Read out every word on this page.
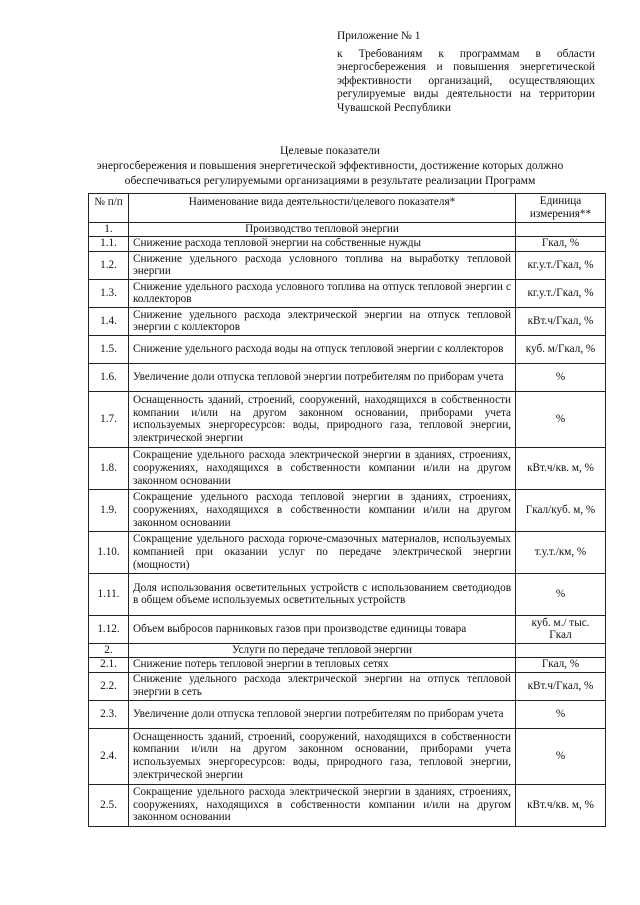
Приложение № 1
к Требованиям к программам в области энергосбережения и повышения энергетической эффективности организаций, осуществляющих регулируемые виды деятельности на территории Чувашской Республики
Целевые показатели
энергосбережения и повышения энергетической эффективности, достижение которых должно обеспечиваться регулируемыми организациями в результате реализации Программ
№ п/п	Наименование вида деятельности/целевого показателя*	Единица измерения**
1.	Производство тепловой энергии	
1.1.	Снижение расхода тепловой энергии на собственные нужды	Гкал, %
1.2.	Снижение удельного расхода условного топлива на выработку тепловой энергии	кг.у.т./Гкал, %
1.3.	Снижение удельного расхода условного топлива на отпуск тепловой энергии с коллекторов	кг.у.т./Гкал, %
1.4.	Снижение удельного расхода электрической энергии на отпуск тепловой энергии с коллекторов	кВт.ч/Гкал, %
1.5.	Снижение удельного расхода воды на отпуск тепловой энергии с коллекторов	куб. м/Гкал, %
1.6.	Увеличение доли отпуска тепловой энергии потребителям по приборам учета	%
1.7.	Оснащенность зданий, строений, сооружений, находящихся в собственности компании и/или на другом законном основании, приборами учета используемых энергоресурсов: воды, природного газа, тепловой энергии, электрической энергии	%
1.8.	Сокращение удельного расхода электрической энергии в зданиях, строениях, сооружениях, находящихся в собственности компании и/или на другом законном основании	кВт.ч/кв. м, %
1.9.	Сокращение удельного расхода тепловой энергии в зданиях, строениях, сооружениях, находящихся в собственности компании и/или на другом законном основании	Гкал/куб. м, %
1.10.	Сокращение удельного расхода горюче-смазочных материалов, используемых компанией при оказании услуг по передаче электрической энергии (мощности)	т.у.т./км, %
1.11.	Доля использования осветительных устройств с использованием светодиодов в общем объеме используемых осветительных устройств	%
1.12.	Объем выбросов парниковых газов при производстве единицы товара	куб. м./ тыс. Гкал
2.	Услуги по передаче тепловой энергии	
2.1.	Снижение потерь тепловой энергии в тепловых сетях	Гкал, %
2.2.	Снижение удельного расхода электрической энергии на отпуск тепловой энергии в сеть	кВт.ч/Гкал, %
2.3.	Увеличение доли отпуска тепловой энергии потребителям по приборам учета	%
2.4.	Оснащенность зданий, строений, сооружений, находящихся в собственности компании и/или на другом законном основании, приборами учета используемых энергоресурсов: воды, природного газа, тепловой энергии, электрической энергии	%
2.5.	Сокращение удельного расхода электрической энергии в зданиях, строениях, сооружениях, находящихся в собственности компании и/или на другом законном основании	кВт.ч/кв. м, %
